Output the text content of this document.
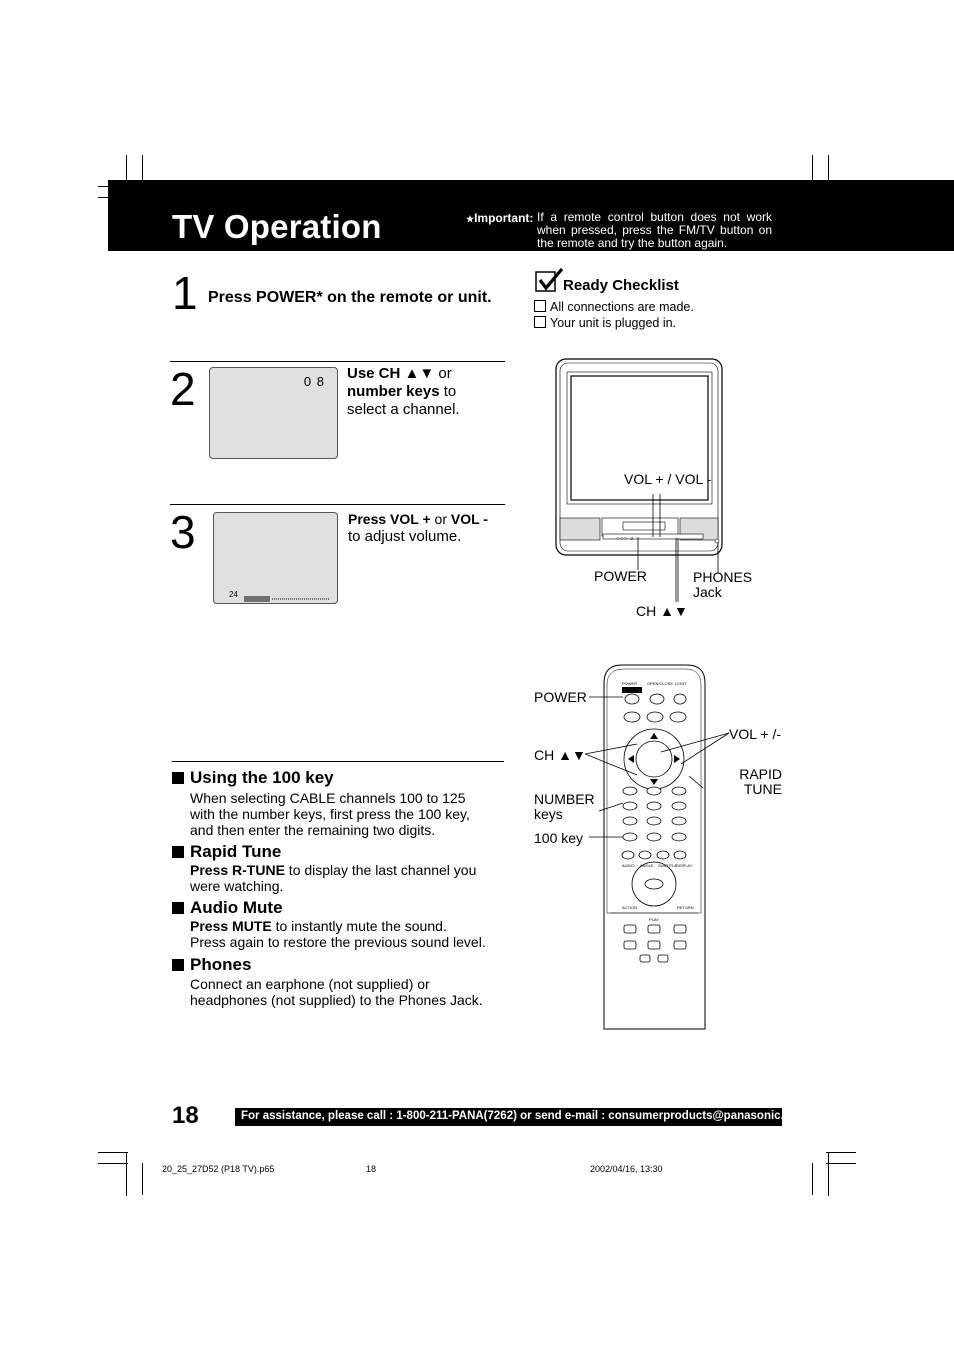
TV Operation	★Important: If a remote control button does not work when pressed, press the FM/TV button on the remote and try the button again.
1 Press POWER* on the remote or unit.
Ready Checklist
All connections are made.
Your unit is plugged in.
2	0 8 Use CH ▲▼ or
number keys to
select a channel.
3
24
Press VOL + or VOL -
to adjust volume.	○○○
VOL + / VOL -
POWER	PHONES
Jack
CH ▲▼
POWER OPEN/CLOSE LIGHT
AUDIO ANGLE SUBTITLE
DISPLAY
ACTION	RETURN
PLAY
POWER
CH ▲▼
NUMBER
keys
100 key
VOL + /-
RAPID
TUNE
Using the 100 key
When selecting CABLE channels 100 to 125
with the number keys, first press the 100 key,
and then enter the remaining two digits.
Rapid Tune
Press R-TUNE to display the last channel you
were watching.
Audio Mute
Press MUTE to instantly mute the sound.
Press again to restore the previous sound level.
Phones
Connect an earphone (not supplied) or
headphones (not supplied) to the Phones Jack.
18	For assistance, please call : 1-800-211-PANA(7262) or send e-mail : consumerproducts@panasonic.com
20_25_27D52 (P18 TV).p65	18	2002/04/16, 13:30
